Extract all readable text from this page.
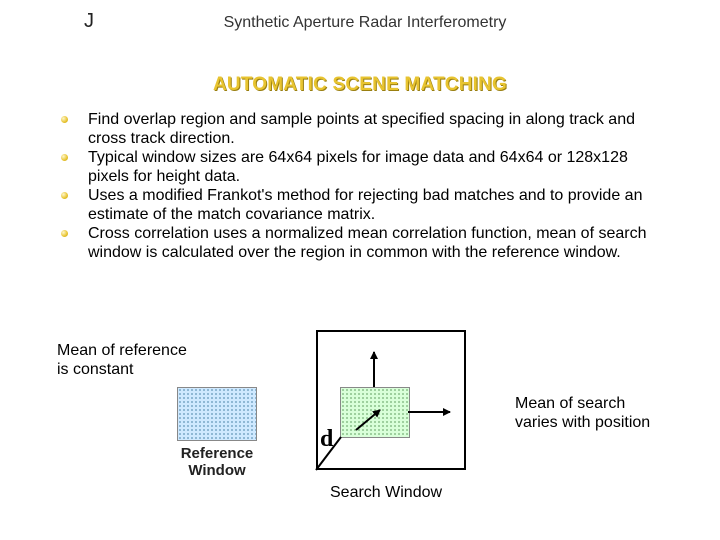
J	Synthetic Aperture Radar Interferometry
AUTOMATIC SCENE MATCHING
Find overlap region and sample points at specified spacing in along track and cross track direction.
Typical window sizes are 64x64 pixels for image data and 64x64 or 128x128 pixels for height data.
Uses a modified Frankot's method for rejecting bad matches and to provide an estimate of the match covariance matrix.
Cross correlation uses a normalized mean correlation function, mean of search window is calculated over the region in common with the reference window.
Mean of reference
is constant
Reference
Window
d
Search Window
Mean of search
varies with position
